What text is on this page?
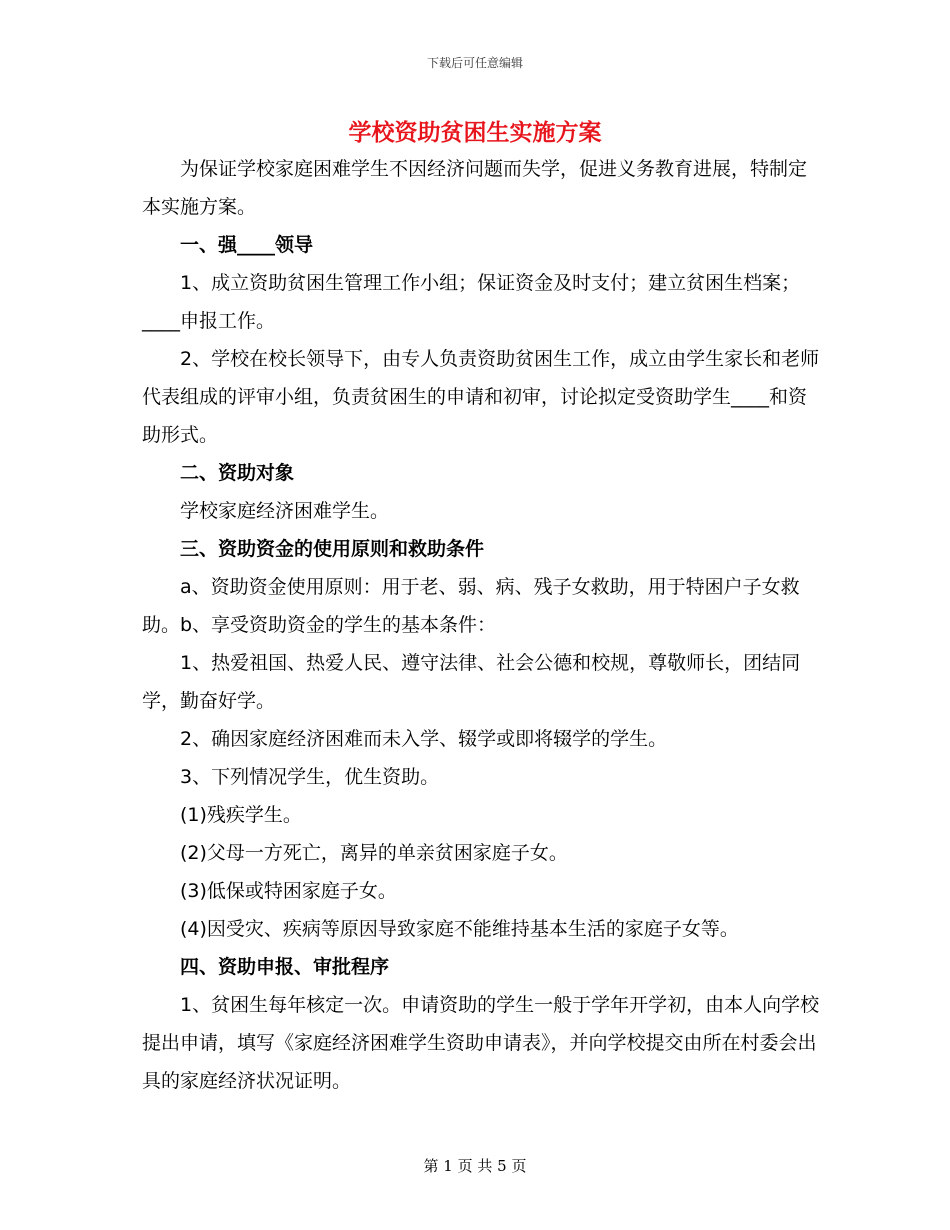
下载后可任意编辑
学校资助贫困生实施方案

为保证学校家庭困难学生不因经济问题而失学，促进义务教育进展，特制定本实施方案。

一、强____领导

1、成立资助贫困生管理工作小组；保证资金及时支付；建立贫困生档案；____申报工作。

2、学校在校长领导下，由专人负责资助贫困生工作，成立由学生家长和老师代表组成的评审小组，负责贫困生的申请和初审，讨论拟定受资助学生____和资助形式。

二、资助对象

学校家庭经济困难学生。

三、资助资金的使用原则和救助条件

a、资助资金使用原则：用于老、弱、病、残子女救助，用于特困户子女救助。b、享受资助资金的学生的基本条件：

1、热爱祖国、热爱人民、遵守法律、社会公德和校规，尊敬师长，团结同学，勤奋好学。

2、确因家庭经济困难而未入学、辍学或即将辍学的学生。

3、下列情况学生，优生资助。

(1)残疾学生。

(2)父母一方死亡，离异的单亲贫困家庭子女。

(3)低保或特困家庭子女。

(4)因受灾、疾病等原因导致家庭不能维持基本生活的家庭子女等。

四、资助申报、审批程序

1、贫困生每年核定一次。申请资助的学生一般于学年开学初，由本人向学校提出申请，填写《家庭经济困难学生资助申请表》，并向学校提交由所在村委会出具的家庭经济状况证明。

第 1 页 共 5 页
